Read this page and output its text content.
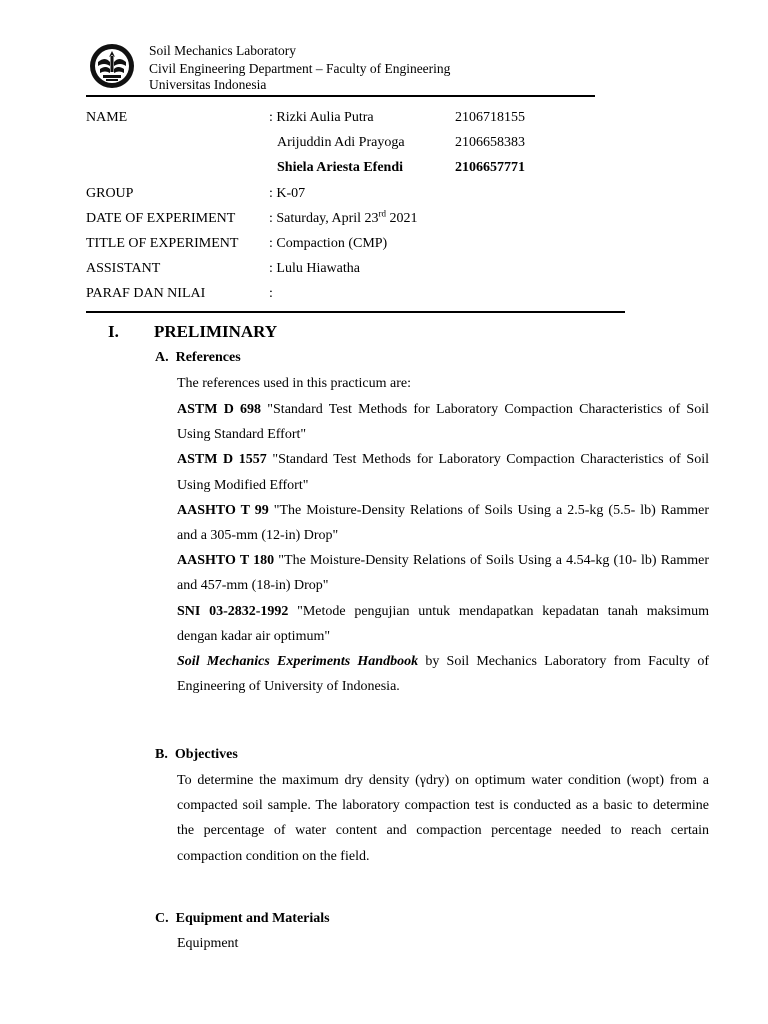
Soil Mechanics Laboratory
Civil Engineering Department – Faculty of Engineering
Universitas Indonesia
NAME	: Rizki Aulia Putra	2106718155
Arijuddin Adi Prayoga	2106658383
Shiela Ariesta Efendi	2106657771
GROUP	: K-07
DATE OF EXPERIMENT : Saturday, April 23rd 2021
TITLE OF EXPERIMENT : Compaction (CMP)
ASSISTANT	: Lulu Hiawatha
PARAF DAN NILAI	:
I. PRELIMINARY
A.  References
The references used in this practicum are:
ASTM D 698 "Standard Test Methods for Laboratory Compaction Characteristics of Soil Using Standard Effort"
ASTM D 1557 "Standard Test Methods for Laboratory Compaction Characteristics of Soil Using Modified Effort"
AASHTO T 99 "The Moisture-Density Relations of Soils Using a 2.5-kg (5.5- lb) Rammer and a 305-mm (12-in) Drop"
AASHTO T 180 "The Moisture-Density Relations of Soils Using a 4.54-kg (10- lb) Rammer and 457-mm (18-in) Drop"
SNI 03-2832-1992 "Metode pengujian untuk mendapatkan kepadatan tanah maksimum dengan kadar air optimum"
Soil Mechanics Experiments Handbook by Soil Mechanics Laboratory from Faculty of Engineering of University of Indonesia.
B.  Objectives
To determine the maximum dry density (γdry) on optimum water condition (wopt) from a compacted soil sample. The laboratory compaction test is conducted as a basic to determine the percentage of water content and compaction percentage needed to reach certain compaction condition on the field.
C.  Equipment and Materials
Equipment
